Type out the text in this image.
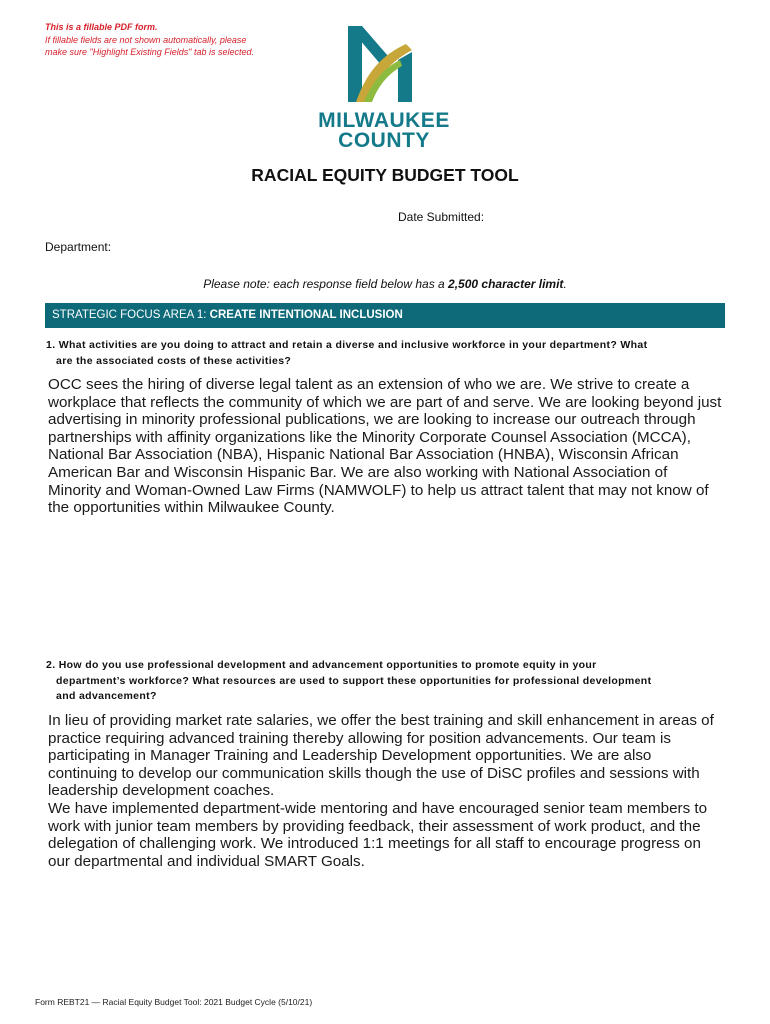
This is a fillable PDF form.
If fillable fields are not shown automatically, please
make sure "Highlight Existing Fields" tab is selected.
MILWAUKEE
COUNTY
RACIAL EQUITY BUDGET TOOL
Date Submitted:
Department:
Please note: each response field below has a 2,500 character limit.
STRATEGIC FOCUS AREA 1: CREATE INTENTIONAL INCLUSION
1. What activities are you doing to attract and retain a diverse and inclusive workforce in your department? What
are the associated costs of these activities?
OCC sees the hiring of diverse legal talent as an extension of who we are. We strive to create a
workplace that reflects the community of which we are part of and serve. We are looking beyond just
advertising in minority professional publications, we are looking to increase our outreach through
partnerships with affinity organizations like the Minority Corporate Counsel Association (MCCA),
National Bar Association (NBA), Hispanic National Bar Association (HNBA), Wisconsin African
American Bar and Wisconsin Hispanic Bar. We are also working with National Association of
Minority and Woman-Owned Law Firms (NAMWOLF) to help us attract talent that may not know of
the opportunities within Milwaukee County.
2. How do you use professional development and advancement opportunities to promote equity in your
department’s workforce? What resources are used to support these opportunities for professional development
and advancement?
In lieu of providing market rate salaries, we offer the best training and skill enhancement in areas of
practice requiring advanced training thereby allowing for position advancements. Our team is
participating in Manager Training and Leadership Development opportunities. We are also
continuing to develop our communication skills though the use of DiSC profiles and sessions with
leadership development coaches.
We have implemented department-wide mentoring and have encouraged senior team members to
work with junior team members by providing feedback, their assessment of work product, and the
delegation of challenging work. We introduced 1:1 meetings for all staff to encourage progress on
our departmental and individual SMART Goals.
Form REBT21 — Racial Equity Budget Tool: 2021 Budget Cycle (5/10/21)
